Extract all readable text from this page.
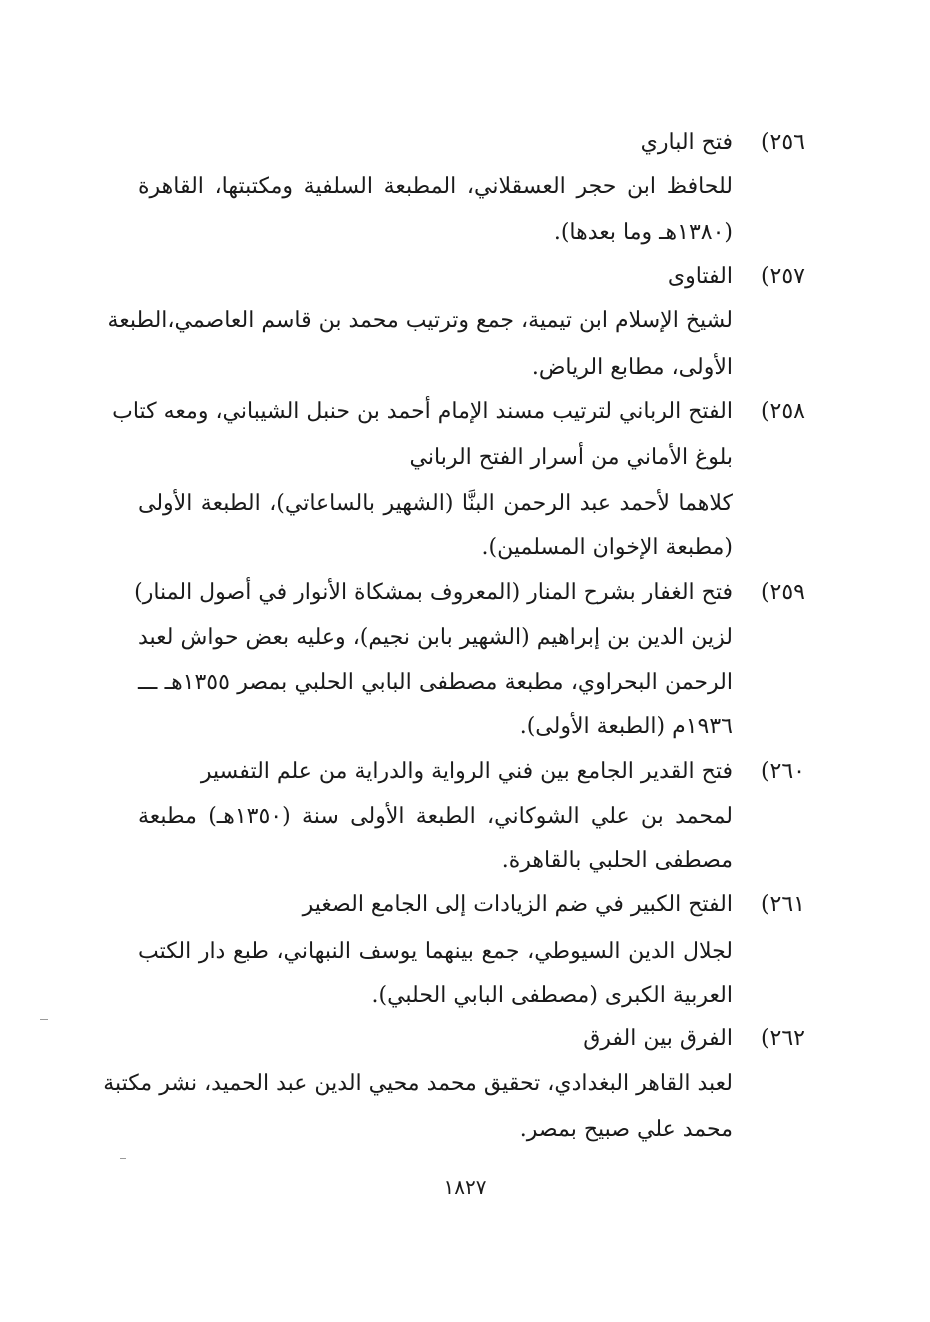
٢٥٦)
فتح الباري
للحافظ ابن حجر العسقلاني، المطبعة السلفية ومكتبتها، القاهرة
(١٣٨٠هـ وما بعدها).
٢٥٧)
الفتاوى
لشيخ الإسلام ابن تيمية، جمع وترتيب محمد بن قاسم العاصمي،الطبعة
الأولى، مطابع الرياض.
٢٥٨)
الفتح الرباني لترتيب مسند الإمام أحمد بن حنبل الشيباني، ومعه كتاب
بلوغ الأماني من أسرار الفتح الرباني
كلاهما لأحمد عبد الرحمن البنَّا (الشهير بالساعاتي)، الطبعة الأولى
(مطبعة الإخوان المسلمين).
٢٥٩)
فتح الغفار بشرح المنار (المعروف بمشكاة الأنوار في أصول المنار)
لزين الدين بن إبراهيم (الشهير بابن نجيم)، وعليه بعض حواش لعبد
الرحمن البحراوي، مطبعة مصطفى البابي الحلبي بمصر ١٣٥٥هـ ـــ
١٩٣٦م (الطبعة الأولى).
٢٦٠)
فتح القدير الجامع بين فني الرواية والدراية من علم التفسير
لمحمد بن علي الشوكاني، الطبعة الأولى سنة (١٣٥٠هـ) مطبعة
مصطفى الحلبي بالقاهرة.
٢٦١)
الفتح الكبير في ضم الزيادات إلى الجامع الصغير
لجلال الدين السيوطي، جمع بينهما يوسف النبهاني، طبع دار الكتب
العربية الكبرى (مصطفى البابي الحلبي).
٢٦٢)
الفرق بين الفرق
لعبد القاهر البغدادي، تحقيق محمد محيي الدين عبد الحميد، نشر مكتبة
محمد علي صبيح بمصر.
١٨٢٧
